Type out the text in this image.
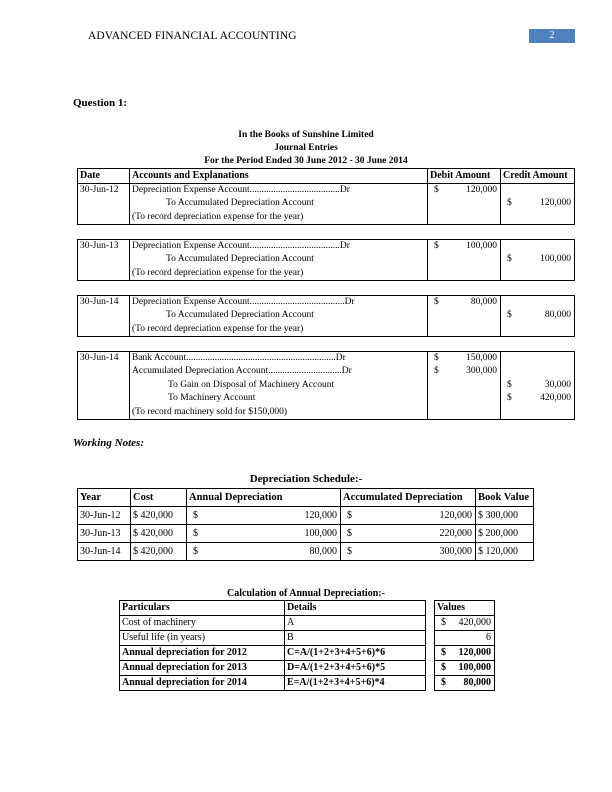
ADVANCED FINANCIAL ACCOUNTING	2
Question 1:
In the Books of Sunshine Limited
Journal Entries
For the Period Ended 30 June 2012 - 30 June 2014
Date	Accounts and Explanations	Debit Amount	Credit Amount
30-Jun-12	Depreciation Expense Account......................................Dr	$ 120,000	

	To Accumulated Depreciation Account		$ 120,000

	(To record depreciation expense for the year)	

30-Jun-13	Depreciation Expense Account......................................Dr	$ 100,000	

	To Accumulated Depreciation Account		$ 100,000

	(To record depreciation expense for the year)	

30-Jun-14	Depreciation Expense Account........................................Dr	$ 80,000	

	To Accumulated Depreciation Account		$ 80,000

	(To record depreciation expense for the year)	

30-Jun-14	Bank Account...............................................................Dr	$ 150,000	

	Accumulated Depreciation Account...............................Dr	$ 300,000	

	To Gain on Disposal of Machinery Account		$ 30,000

	To Machinery Account		$ 420,000

	(To record machinery sold for $150,000)	

Working Notes:
Depreciation Schedule:-
Year	Cost	Annual Depreciation	Accumulated Depreciation	Book Value
30-Jun-12	$ 420,000	$ 120,000	$ 120,000	$ 300,000
30-Jun-13	$ 420,000	$ 100,000	$ 220,000	$ 200,000
30-Jun-14	$ 420,000	$ 80,000	$ 300,000	$ 120,000
Calculation of Annual Depreciation:-
Particulars	Details		Values
Cost of machinery	A		$ 420,000

Useful life (in years)	B		6

Annual depreciation for 2012	C=A/(1+2+3+4+5+6)*6		$ 120,000

Annual depreciation for 2013	D=A/(1+2+3+4+5+6)*5		$ 100,000

Annual depreciation for 2014	E=A/(1+2+3+4+5+6)*4		$ 80,000
